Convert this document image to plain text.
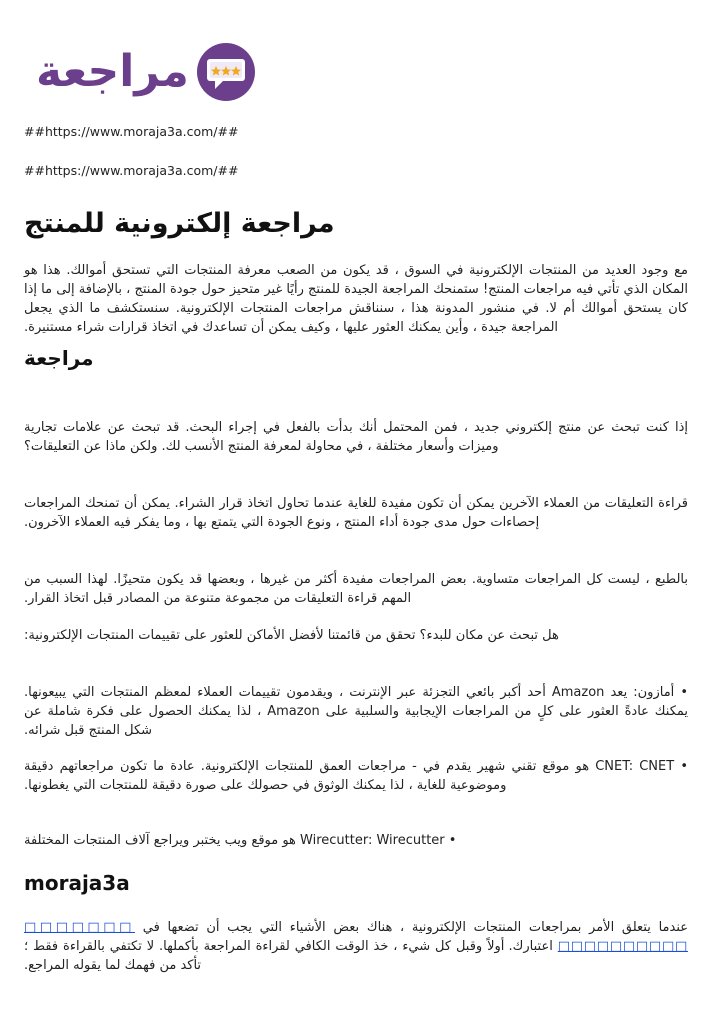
مراجعة
##https://www.moraja3a.com/##
##https://www.moraja3a.com/##
مراجعة إلكترونية للمنتج
مع وجود العديد من المنتجات الإلكترونية في السوق ، قد يكون من الصعب معرفة المنتجات التي تستحق أموالك. هذا هو المكان الذي تأتي فيه مراجعات المنتج! ستمنحك المراجعة الجيدة للمنتج رأيًا غير متحيز حول جودة المنتج ، بالإضافة إلى ما إذا كان يستحق أموالك أم لا. في منشور المدونة هذا ، سنناقش مراجعات المنتجات الإلكترونية. سنستكشف ما الذي يجعل المراجعة جيدة ، وأين يمكنك العثور عليها ، وكيف يمكن أن تساعدك في اتخاذ قرارات شراء مستنيرة.
مراجعة
إذا كنت تبحث عن منتج إلكتروني جديد ، فمن المحتمل أنك بدأت بالفعل في إجراء البحث. قد تبحث عن علامات تجارية وميزات وأسعار مختلفة ، في محاولة لمعرفة المنتج الأنسب لك. ولكن ماذا عن التعليقات؟
قراءة التعليقات من العملاء الآخرين يمكن أن تكون مفيدة للغاية عندما تحاول اتخاذ قرار الشراء. يمكن أن تمنحك المراجعات إحصاءات حول مدى جودة أداء المنتج ، ونوع الجودة التي يتمتع بها ، وما يفكر فيه العملاء الآخرون.
بالطبع ، ليست كل المراجعات متساوية. بعض المراجعات مفيدة أكثر من غيرها ، وبعضها قد يكون متحيزًا. لهذا السبب من المهم قراءة التعليقات من مجموعة متنوعة من المصادر قبل اتخاذ القرار.
هل تبحث عن مكان للبدء؟ تحقق من قائمتنا لأفضل الأماكن للعثور على تقييمات المنتجات الإلكترونية:
• أمازون: يعد Amazon أحد أكبر بائعي التجزئة عبر الإنترنت ، ويقدمون تقييمات العملاء لمعظم المنتجات التي يبيعونها. يمكنك عادةً العثور على كلٍ من المراجعات الإيجابية والسلبية على Amazon ، لذا يمكنك الحصول على فكرة شاملة عن شكل المنتج قبل شرائه.
• CNET: CNET هو موقع تقني شهير يقدم في - مراجعات العمق للمنتجات الإلكترونية. عادة ما تكون مراجعاتهم دقيقة وموضوعية للغاية ، لذا يمكنك الوثوق في حصولك على صورة دقيقة للمنتجات التي يغطونها.
• Wirecutter: Wirecutter هو موقع ويب يختبر ويراجع آلاف المنتجات المختلفة
moraja3a
عندما يتعلق الأمر بمراجعات المنتجات الإلكترونية ، هناك بعض الأشياء التي يجب أن تضعها في □□□□□□□ □□□□□□□□□□ اعتبارك. أولاً وقبل كل شيء ، خذ الوقت الكافي لقراءة المراجعة بأكملها. لا تكتفي بالقراءة فقط ؛ تأكد من فهمك لما يقوله المراجع.
